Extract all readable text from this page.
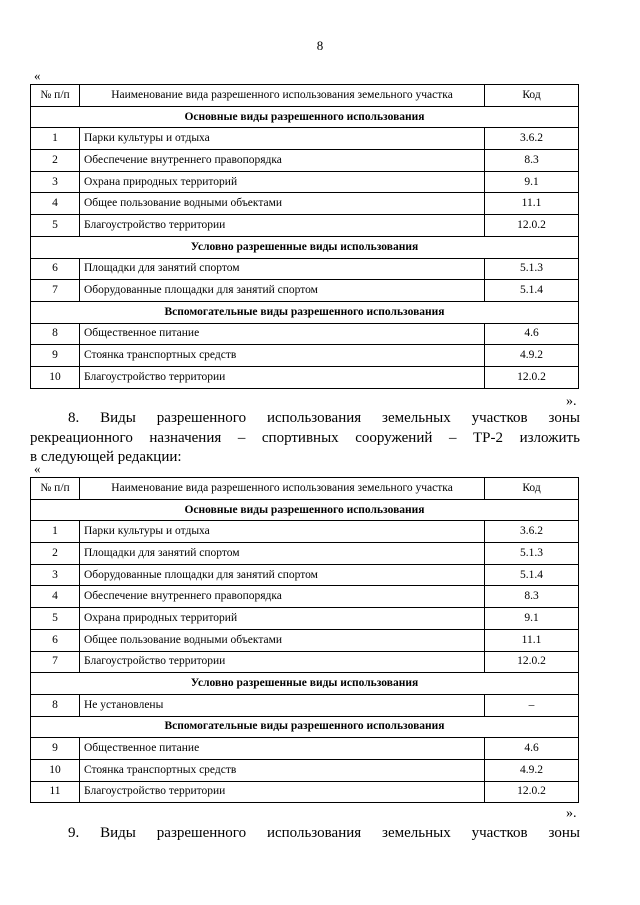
8
«
№ п/п	Наименование вида разрешенного использования земельного участка	Код
Основные виды разрешенного использования		
1	Парки культуры и отдыха	3.6.2
2	Обеспечение внутреннего правопорядка	8.3
3	Охрана природных территорий	9.1
4	Общее пользование водными объектами	11.1
5	Благоустройство территории	12.0.2
Условно разрешенные виды использования		
6	Площадки для занятий спортом	5.1.3
7	Оборудованные площадки для занятий спортом	5.1.4
Вспомогательные виды разрешенного использования		
8	Общественное питание	4.6
9	Стоянка транспортных средств	4.9.2
10	Благоустройство территории	12.0.2
».
8. Виды разрешенного использования земельных участков зоны
рекреационного назначения – спортивных сооружений – ТР-2 изложить
в следующей редакции:
«
№ п/п	Наименование вида разрешенного использования земельного участка	Код
Основные виды разрешенного использования		
1	Парки культуры и отдыха	3.6.2
2	Площадки для занятий спортом	5.1.3
3	Оборудованные площадки для занятий спортом	5.1.4
4	Обеспечение внутреннего правопорядка	8.3
5	Охрана природных территорий	9.1
6	Общее пользование водными объектами	11.1
7	Благоустройство территории	12.0.2
Условно разрешенные виды использования		
8	Не установлены	–
Вспомогательные виды разрешенного использования		
9	Общественное питание	4.6
10	Стоянка транспортных средств	4.9.2
11	Благоустройство территории	12.0.2
».
9. Виды разрешенного использования земельных участков зоны
